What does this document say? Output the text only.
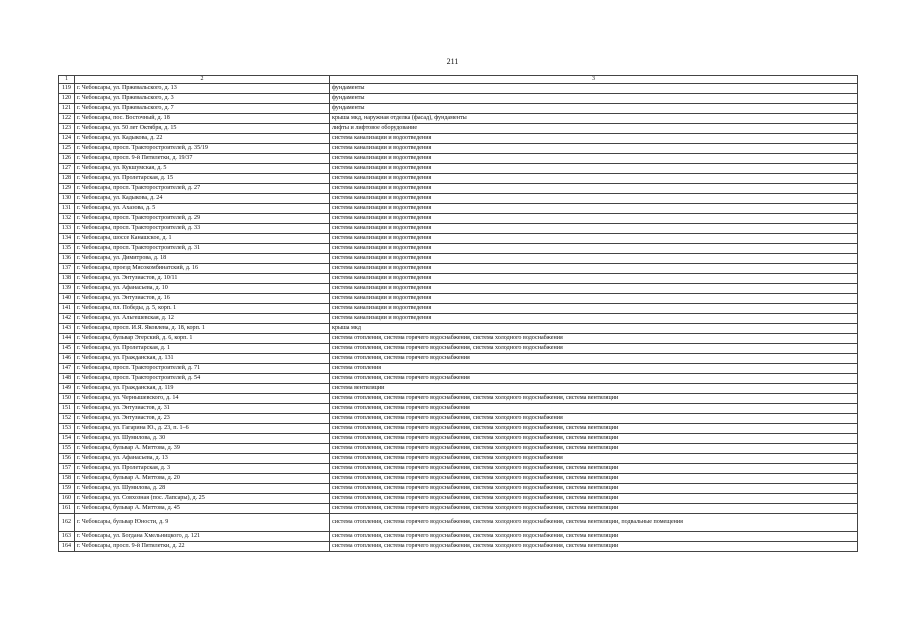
211
1	2	3
119	г. Чебоксары, ул. Пржевальского, д. 13	фундаменты
120	г. Чебоксары, ул. Пржевальского, д. 3	фундаменты
121	г. Чебоксары, ул. Пржевальского, д. 7	фундаменты
122	г. Чебоксары, пос. Восточный, д. 18	крыша мкд, наружная отделка (фасад), фундаменты
123	г. Чебоксары, ул. 50 лет Октября, д. 15	лифты и лифтовое оборудование
124	г. Чебоксары, ул. Кадыкова, д. 22	система канализации и водоотведения
125	г. Чебоксары, просп. Тракторостроителей, д. 35/19	система канализации и водоотведения
126	г. Чебоксары, просп. 9-й Пятилетки, д. 19/37	система канализации и водоотведения
127	г. Чебоксары, ул. Кукшумская, д. 5	система канализации и водоотведения
128	г. Чебоксары, ул. Пролетарская, д. 15	система канализации и водоотведения
129	г. Чебоксары, просп. Тракторостроителей, д. 27	система канализации и водоотведения
130	г. Чебоксары, ул. Кадыкова, д. 24	система канализации и водоотведения
131	г. Чебоксары, ул. Ахазова, д. 5	система канализации и водоотведения
132	г. Чебоксары, просп. Тракторостроителей, д. 29	система канализации и водоотведения
133	г. Чебоксары, просп. Тракторостроителей, д. 33	система канализации и водоотведения
134	г. Чебоксары, шоссе Канашское, д. 1	система канализации и водоотведения
135	г. Чебоксары, просп. Тракторостроителей, д. 31	система канализации и водоотведения
136	г. Чебоксары, ул. Димитрова, д. 18	система канализации и водоотведения
137	г. Чебоксары, проезд Мясокомбинатский, д. 16	система канализации и водоотведения
138	г. Чебоксары, ул. Энтузиастов, д. 10/11	система канализации и водоотведения
139	г. Чебоксары, ул. Афанасьева, д. 10	система канализации и водоотведения
140	г. Чебоксары, ул. Энтузиастов, д. 16	система канализации и водоотведения
141	г. Чебоксары, пл. Победы, д. 5, корп. 1	система канализации и водоотведения
142	г. Чебоксары, ул. Альгешевская, д. 12	система канализации и водоотведения
143	г. Чебоксары, просп. И.Я. Яковлева, д. 18, корп. 1	крыша мкд
144	г. Чебоксары, бульвар Эгерский, д. 6, корп. 1	система отопления, система горячего водоснабжения, система холодного водоснабжения
145	г. Чебоксары, ул. Пролетарская, д. 1	система отопления, система горячего водоснабжения, система холодного водоснабжения
146	г. Чебоксары, ул. Гражданская, д. 131	система отопления, система горячего водоснабжения
147	г. Чебоксары, просп. Тракторостроителей, д. 71	система отопления
148	г. Чебоксары, просп. Тракторостроителей, д. 54	система отопления, система горячего водоснабжения
149	г. Чебоксары, ул. Гражданская, д. 119	система вентиляции
150	г. Чебоксары, ул. Чернышевского, д. 14	система отопления, система горячего водоснабжения, система холодного водоснабжения, система вентиляции
151	г. Чебоксары, ул. Энтузиастов, д. 31	система отопления, система горячего водоснабжения
152	г. Чебоксары, ул. Энтузиастов, д. 23	система отопления, система горячего водоснабжения, система холодного водоснабжения
153	г. Чебоксары, ул. Гагарина Ю., д. 23, п. 1–6	система отопления, система горячего водоснабжения, система холодного водоснабжения, система вентиляции
154	г. Чебоксары, ул. Шумилова, д. 30	система отопления, система горячего водоснабжения, система холодного водоснабжения, система вентиляции
155	г. Чебоксары, бульвар А. Миттова, д. 39	система отопления, система горячего водоснабжения, система холодного водоснабжения, система вентиляции
156	г. Чебоксары, ул. Афанасьева, д. 13	система отопления, система горячего водоснабжения, система холодного водоснабжения
157	г. Чебоксары, ул. Пролетарская, д. 3	система отопления, система горячего водоснабжения, система холодного водоснабжения, система вентиляции
158	г. Чебоксары, бульвар А. Миттова, д. 20	система отопления, система горячего водоснабжения, система холодного водоснабжения, система вентиляции
159	г. Чебоксары, ул. Шумилова, д. 28	система отопления, система горячего водоснабжения, система холодного водоснабжения, система вентиляции
160	г. Чебоксары, ул. Совхозная (пос. Лапсары), д. 25	система отопления, система горячего водоснабжения, система холодного водоснабжения, система вентиляции
161	г. Чебоксары, бульвар А. Миттова, д. 45	система отопления, система горячего водоснабжения, система холодного водоснабжения, система вентиляции
162	г. Чебоксары, бульвар Юности, д. 9	система отопления, система горячего водоснабжения, система холодного водоснабжения, система вентиляции, подвальные помещения
163	г. Чебоксары, ул. Богдана Хмельницкого, д. 121	система отопления, система горячего водоснабжения, система холодного водоснабжения, система вентиляции
164	г. Чебоксары, просп. 9-й Пятилетки, д. 22	система отопления, система горячего водоснабжения, система холодного водоснабжения, система вентиляции
